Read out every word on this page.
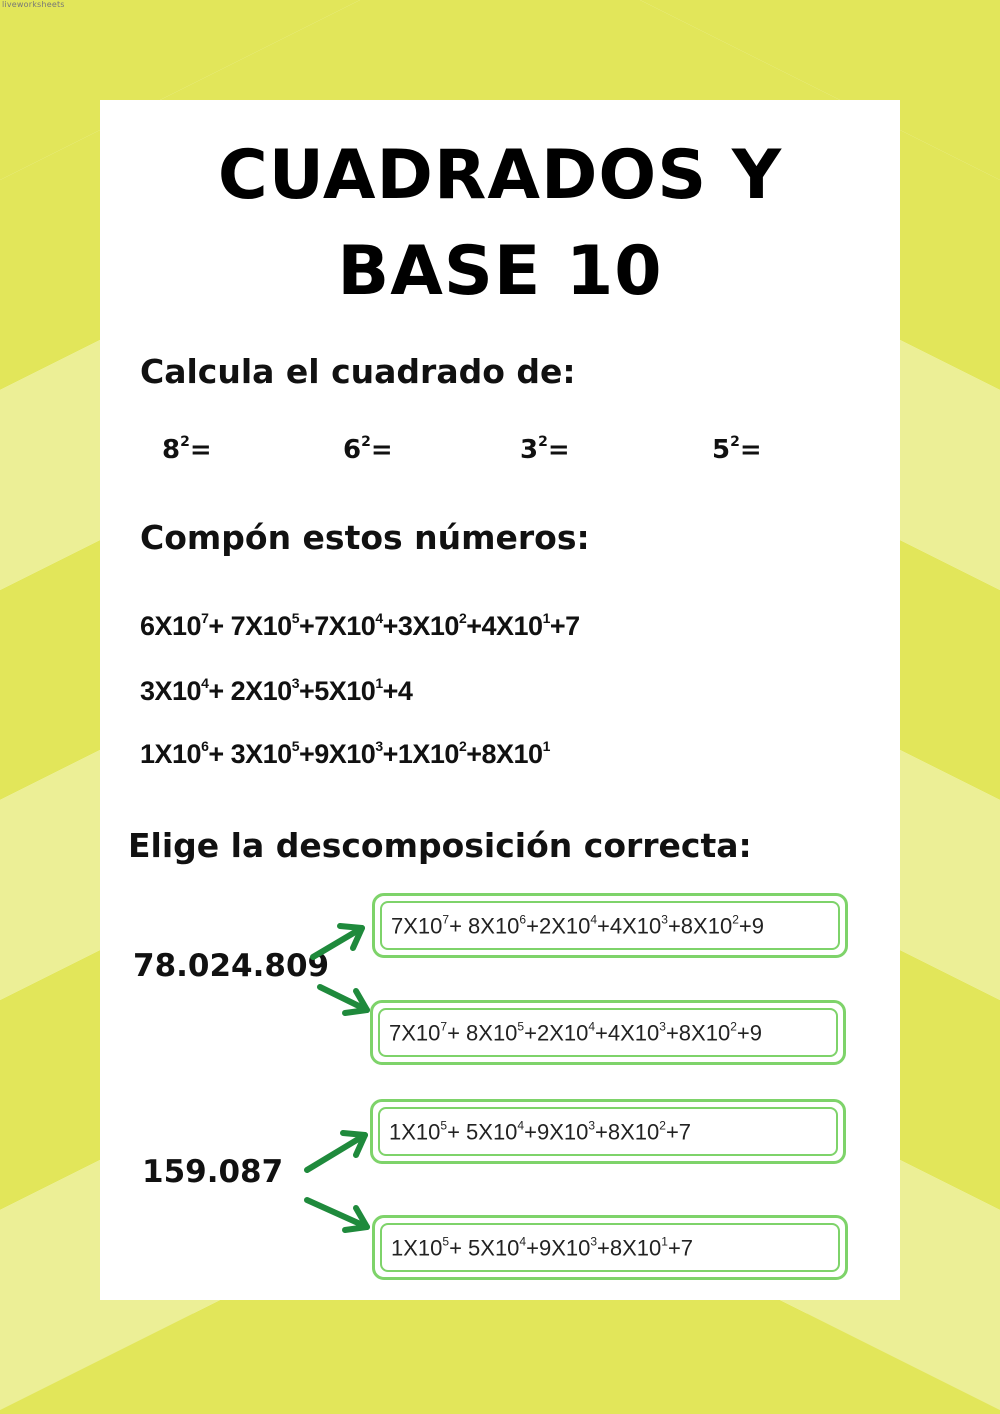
liveworksheets
CUADRADOS Y
BASE 10
Calcula el cuadrado de:
$8^2=$	$6^2=$	$3^2=$	$5^2=$
Compón estos números:
$6X10^7+ 7X10^5+7X10^4+3X10^2+4X10^1+7$
$3X10^4+ 2X10^3+5X10^1+4$
$1X10^6+ 3X10^5+9X10^3+1X10^2+8X10^1$
Elige la descomposición correcta:
78.024.809
159.087
$7X10^7+ 8X10^6+2X10^4+4X10^3+8X10^2+9$
$7X10^7+ 8X10^5+2X10^4+4X10^3+8X10^2+9$
$1X10^5+ 5X10^4+9X10^3+8X10^2+7$
$1X10^5+ 5X10^4+9X10^3+8X10^1+7$
